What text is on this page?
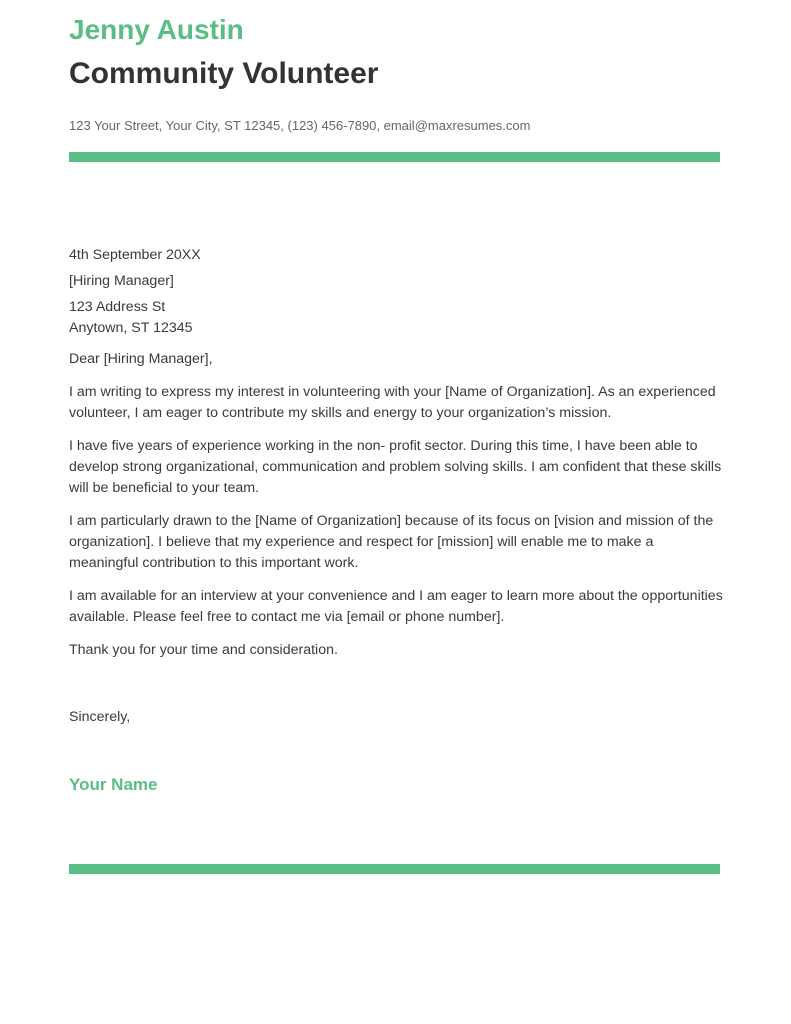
Jenny Austin
Community Volunteer
123 Your Street, Your City, ST 12345, (123) 456-7890, email@maxresumes.com

4th September 20XX

[Hiring Manager]

123 Address St
Anytown, ST 12345

Dear [Hiring Manager],

I am writing to express my interest in volunteering with your [Name of Organization]. As an experienced volunteer, I am eager to contribute my skills and energy to your organization’s mission.

I have five years of experience working in the non- profit sector. During this time, I have been able to develop strong organizational, communication and problem solving skills. I am confident that these skills will be beneficial to your team.

I am particularly drawn to the [Name of Organization] because of its focus on [vision and mission of the organization]. I believe that my experience and respect for [mission] will enable me to make a meaningful contribution to this important work.

I am available for an interview at your convenience and I am eager to learn more about the opportunities available. Please feel free to contact me via [email or phone number].

Thank you for your time and consideration.

Sincerely,

Your Name
